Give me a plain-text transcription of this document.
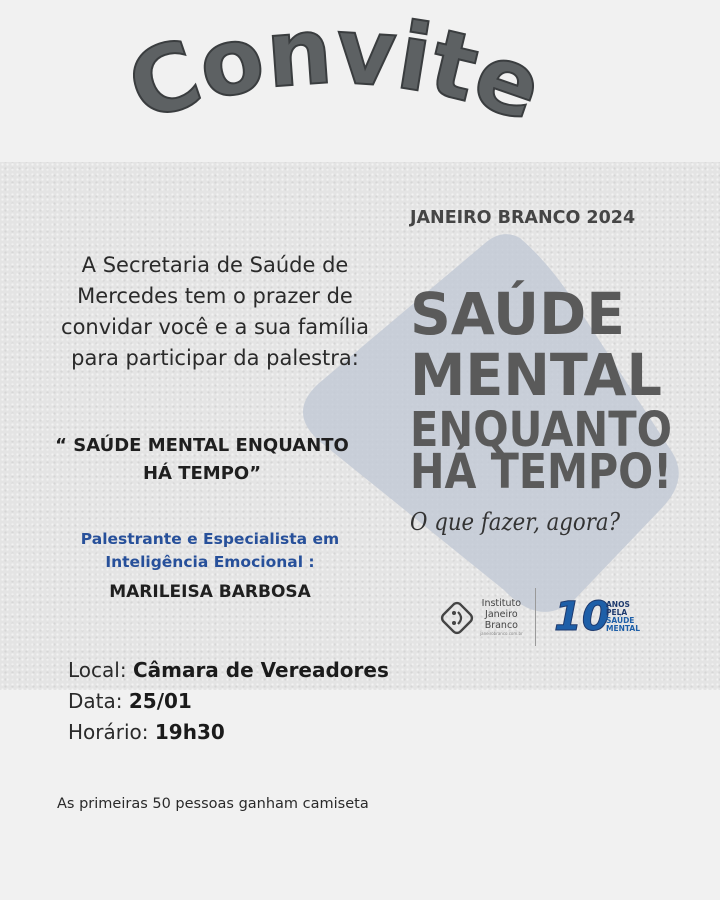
Convite
JANEIRO BRANCO 2024
SAÚDE
MENTAL
ENQUANTO
HÁ TEMPO!
O que fazer, agora?
A Secretaria de Saúde de
Mercedes tem o prazer de
convidar você e a sua família
para participar da palestra:
“ SAÚDE MENTAL ENQUANTO
HÁ TEMPO”
Palestrante e Especialista em
Inteligência Emocional :
MARILEISA BARBOSA
Instituto
Janeiro
Branco
janeirobranco.com.br 10
ANOS
PELA
SAÚDE
MENTAL
Local: Câmara de Vereadores
Data: 25/01
Horário: 19h30
As primeiras 50 pessoas ganham camiseta
